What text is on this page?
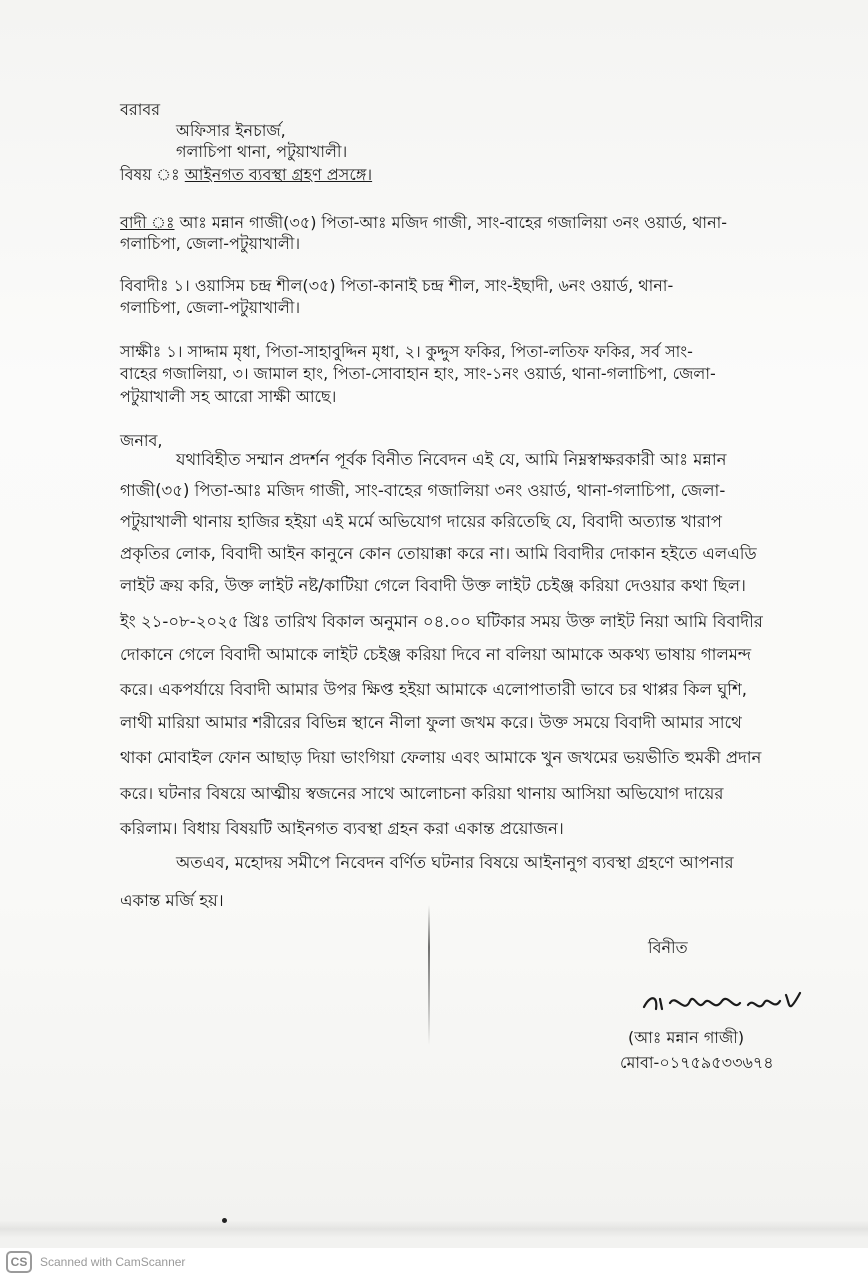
বরাবর
অফিসার ইনচার্জ,
গলাচিপা থানা, পটুয়াখালী।
বিষয় ঃ আইনগত ব্যবস্থা গ্রহণ প্রসঙ্গে।
বাদী ঃ আঃ মন্নান গাজী(৩৫) পিতা-আঃ মজিদ গাজী, সাং-বাহের গজালিয়া ৩নং ওয়ার্ড, থানা-
গলাচিপা, জেলা-পটুয়াখালী।
বিবাদীঃ ১। ওয়াসিম চন্দ্র শীল(৩৫) পিতা-কানাই চন্দ্র শীল, সাং-ইছাদী, ৬নং ওয়ার্ড, থানা-
গলাচিপা, জেলা-পটুয়াখালী।
সাক্ষীঃ ১। সাদ্দাম মৃধা, পিতা-সাহাবুদ্দিন মৃধা, ২। কুদ্দুস ফকির, পিতা-লতিফ ফকির, সর্ব সাং-
বাহের গজালিয়া, ৩। জামাল হাং, পিতা-সোবাহান হাং, সাং-১নং ওয়ার্ড, থানা-গলাচিপা, জেলা-
পটুয়াখালী সহ আরো সাক্ষী আছে।
জনাব,
যথাবিহীত সম্মান প্রদর্শন পূর্বক বিনীত নিবেদন এই যে, আমি নিম্নস্বাক্ষরকারী আঃ মন্নান
গাজী(৩৫) পিতা-আঃ মজিদ গাজী, সাং-বাহের গজালিয়া ৩নং ওয়ার্ড, থানা-গলাচিপা, জেলা-
পটুয়াখালী থানায় হাজির হইয়া এই মর্মে অভিযোগ দায়ের করিতেছি যে, বিবাদী অত্যান্ত খারাপ
প্রকৃতির লোক, বিবাদী আইন কানুনে কোন তোয়াক্কা করে না। আমি বিবাদীর দোকান হইতে এলএডি
লাইট ক্রয় করি, উক্ত লাইট নষ্ট/কাটিয়া গেলে বিবাদী উক্ত লাইট চেইঞ্জ করিয়া দেওয়ার কথা ছিল।
ইং ২১-০৮-২০২৫ খ্রিঃ তারিখ বিকাল অনুমান ০৪.০০ ঘটিকার সময় উক্ত লাইট নিয়া আমি বিবাদীর
দোকানে গেলে বিবাদী আমাকে লাইট চেইঞ্জ করিয়া দিবে না বলিয়া আমাকে অকথ্য ভাষায় গালমন্দ
করে। একপর্যায়ে বিবাদী আমার উপর ক্ষিপ্ত হইয়া আমাকে এলোপাতারী ভাবে চর থাপ্পর কিল ঘুশি,
লাথী মারিয়া আমার শরীরের বিভিন্ন স্থানে নীলা ফুলা জখম করে। উক্ত সময়ে বিবাদী আমার সাথে
থাকা মোবাইল ফোন আছাড় দিয়া ভাংগিয়া ফেলায় এবং আমাকে খুন জখমের ভয়ভীতি হুমকী প্রদান
করে। ঘটনার বিষয়ে আত্মীয় স্বজনের সাথে আলোচনা করিয়া থানায় আসিয়া অভিযোগ দায়ের
করিলাম। বিধায় বিষয়টি আইনগত ব্যবস্থা গ্রহন করা একান্ত প্রয়োজন।
অতএব, মহোদয় সমীপে নিবেদন বর্ণিত ঘটনার বিষয়ে আইনানুগ ব্যবস্থা গ্রহণে আপনার
একান্ত মর্জি হয়।
বিনীত
(আঃ মন্নান গাজী)
মোবা-০১৭৫৯৫৩৩৬৭৪
CS	Scanned with CamScanner
